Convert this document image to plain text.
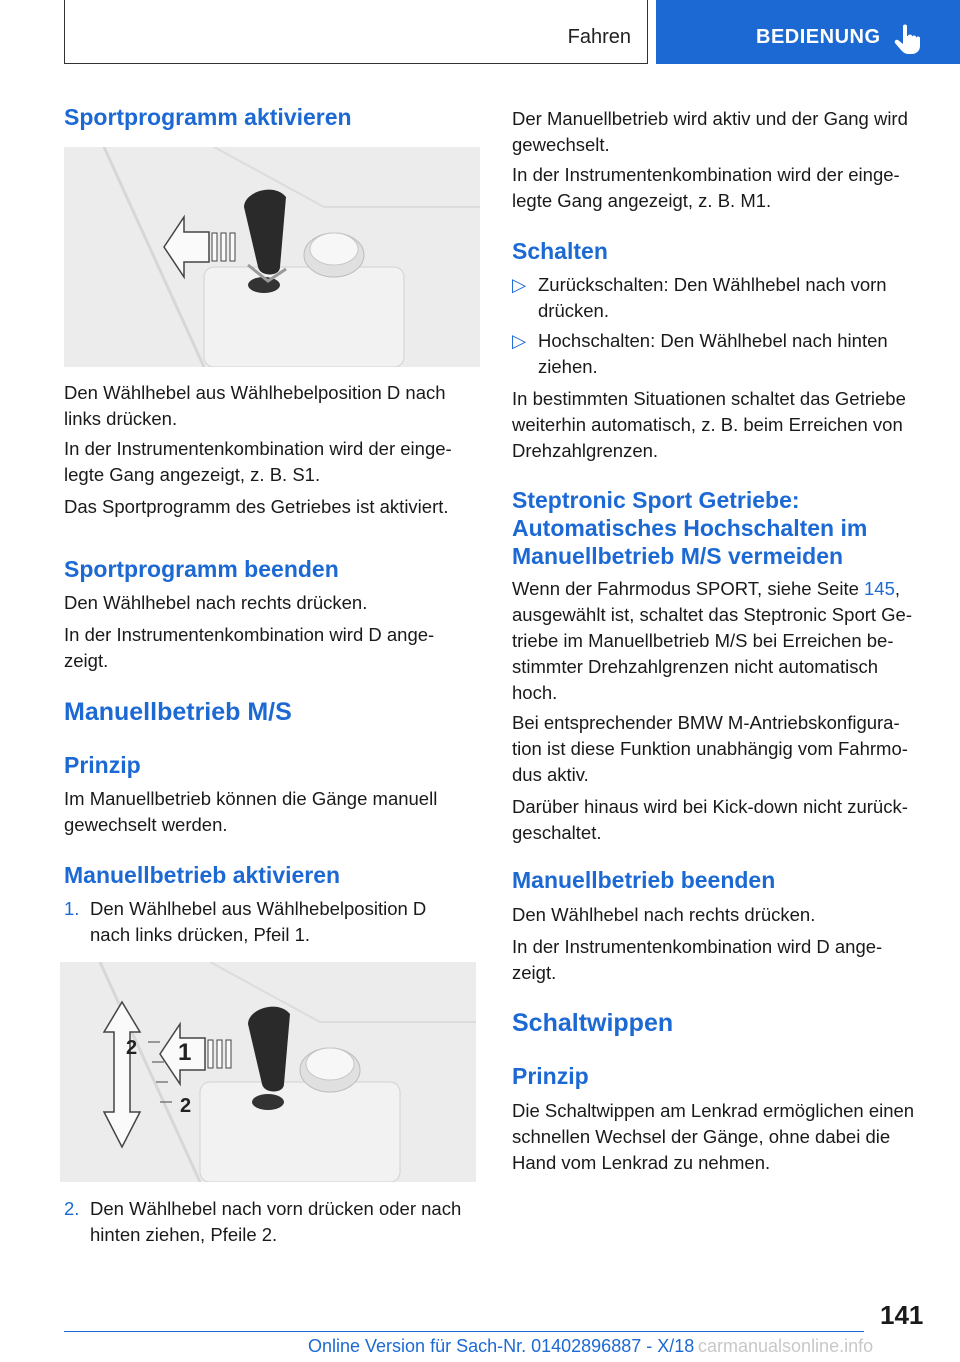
Fahren	BEDIENUNG
Sportprogramm aktivieren

Den Wählhebel aus Wählhebelposition D nach

links drücken.

In der Instrumentenkombination wird der einge-

legte Gang angezeigt, z. B. S1.

Das Sportprogramm des Getriebes ist aktiviert.

Sportprogramm beenden

Den Wählhebel nach rechts drücken.

In der Instrumentenkombination wird D ange-

zeigt.

Manuellbetrieb M/S
Prinzip

Im Manuellbetrieb können die Gänge manuell

gewechselt werden.

Manuellbetrieb aktivieren
1. Den Wählhebel aus Wählhebelposition D
nach links drücken, Pfeil 1.
1
2
2
2. Den Wählhebel nach vorn drücken oder nach
hinten ziehen, Pfeile 2.

Der Manuellbetrieb wird aktiv und der Gang wird

gewechselt.

In der Instrumentenkombination wird der einge-

legte Gang angezeigt, z. B. M1.

Schalten
▷ Zurückschalten: Den Wählhebel nach vorn
drücken.
▷ Hochschalten: Den Wählhebel nach hinten
ziehen.

In bestimmten Situationen schaltet das Getriebe

weiterhin automatisch, z. B. beim Erreichen von

Drehzahlgrenzen.

Steptronic Sport Getriebe:
Automatisches Hochschalten im
Manuellbetrieb M/S vermeiden

Wenn der Fahrmodus SPORT, siehe Seite 145,

ausgewählt ist, schaltet das Steptronic Sport Ge-

triebe im Manuellbetrieb M/S bei Erreichen be-

stimmter Drehzahlgrenzen nicht automatisch

hoch.

Bei entsprechender BMW M-Antriebskonfigura-

tion ist diese Funktion unabhängig vom Fahrmo-

dus aktiv.

Darüber hinaus wird bei Kick-down nicht zurück-

geschaltet.

Manuellbetrieb beenden

Den Wählhebel nach rechts drücken.

In der Instrumentenkombination wird D ange-

zeigt.

Schaltwippen
Prinzip

Die Schaltwippen am Lenkrad ermöglichen einen

schnellen Wechsel der Gänge, ohne dabei die

Hand vom Lenkrad zu nehmen.

141
Online Version für Sach-Nr. 01402896887 - X/18 carmanualsonline.info
